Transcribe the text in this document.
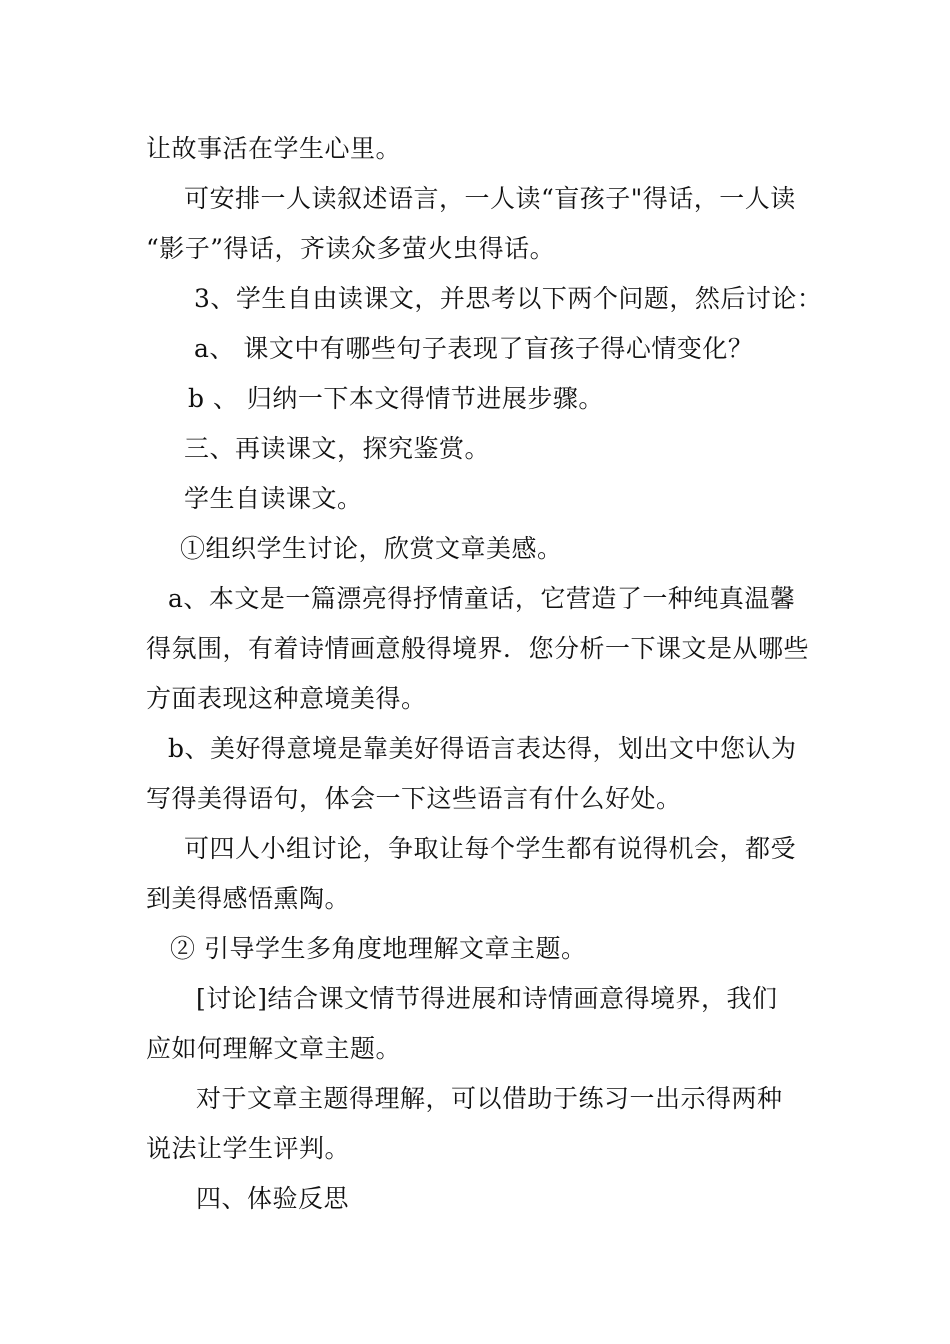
让故事活在学生心里。
可安排一人读叙述语言，一人读“盲孩子"得话，一人读
“影子”得话，齐读众多萤火虫得话。
3、学生自由读课文，并思考以下两个问题，然后讨论：
a、 课文中有哪些句子表现了盲孩子得心情变化？
b 、 归纳一下本文得情节进展步骤。
三、再读课文，探究鉴赏。
学生自读课文。
①组织学生讨论，欣赏文章美感。
a、本文是一篇漂亮得抒情童话，它营造了一种纯真温馨
得氛围，有着诗情画意般得境界．您分析一下课文是从哪些
方面表现这种意境美得。
b、美好得意境是靠美好得语言表达得，划出文中您认为
写得美得语句，体会一下这些语言有什么好处。
可四人小组讨论，争取让每个学生都有说得机会，都受
到美得感悟熏陶。
② 引导学生多角度地理解文章主题。
[讨论]结合课文情节得进展和诗情画意得境界，我们
应如何理解文章主题。
对于文章主题得理解，可以借助于练习一出示得两种
说法让学生评判。
四、体验反思
